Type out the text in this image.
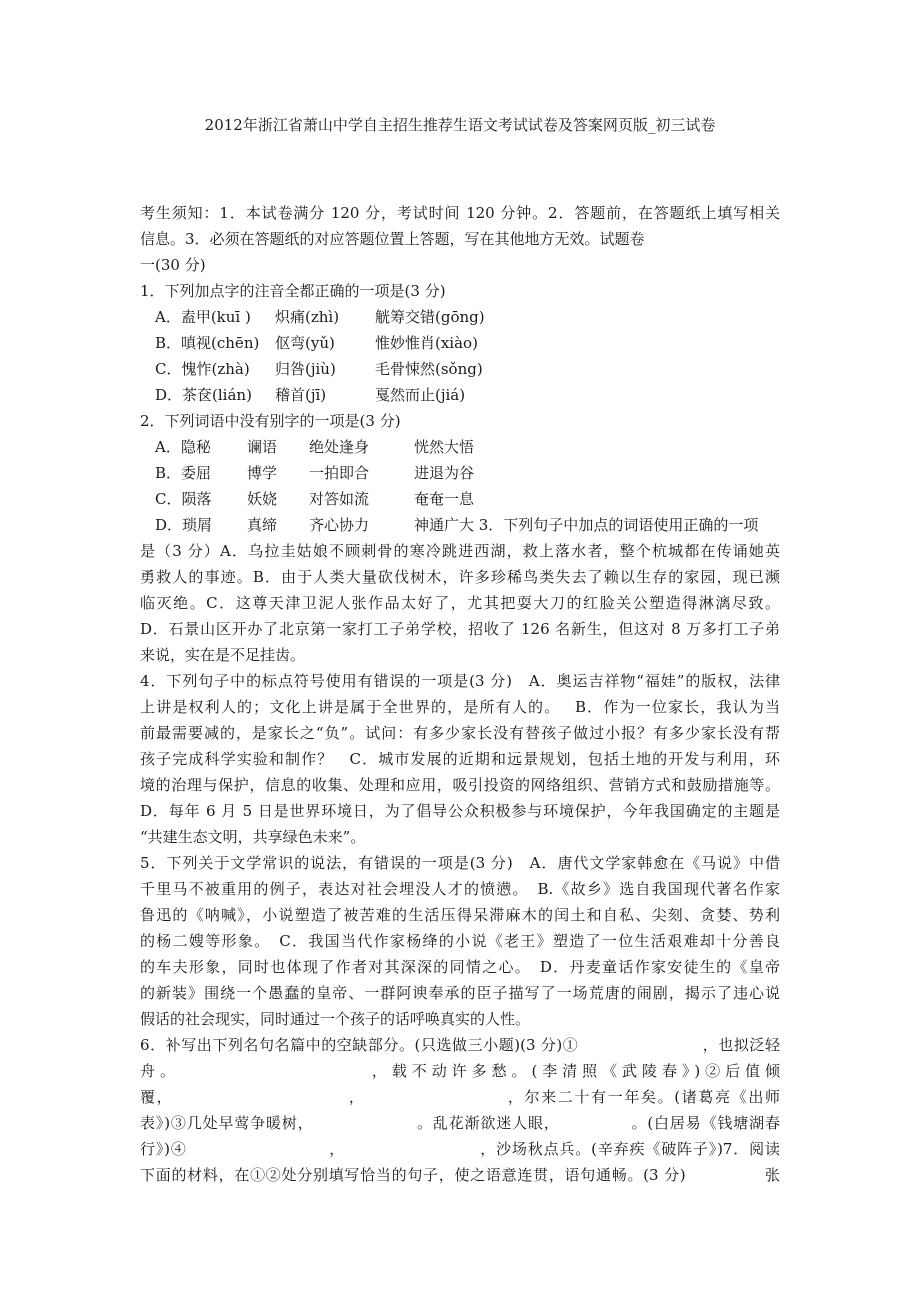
2012年浙江省萧山中学自主招生推荐生语文考试试卷及答案网页版_初三试卷
考生须知：1．本试卷满分 120 分，考试时间 120 分钟。2．答题前，在答题纸上填写相关
信息。3．必须在答题纸的对应答题位置上答题，写在其他地方无效。试题卷
一(30 分)
1．下列加点字的注音全都正确的一项是(3 分)
A．盍甲(kuī ) 炽痛(zhì) 觥筹交错(gōng)
B．嗔视(chēn) 伛弯(yǔ)	惟妙惟肖(xiào)
C．愧怍(zhà) 归咎(jiù)	毛骨悚然(sǒng)
D．茶奁(lián) 稽首(jī)	戛然而止(jiá)
2．下列词语中没有别字的一项是(3 分)
A．隐秘 谰语 绝处逢身	恍然大悟
B．委屈 博学 一拍即合	进退为谷
C．陨落 妖娆 对答如流	奄奄一息
D．琐屑 真缔 齐心协力	神通广大 3．下列句子中加点的词语使用正确的一项
是（3 分）A．乌拉圭姑娘不顾刺骨的寒冷跳进西湖，救上落水者，整个杭城都在传诵她英
勇救人的事迹。B．由于人类大量砍伐树木，许多珍稀鸟类失去了赖以生存的家园，现已濒
临灭绝。C．这尊天津卫泥人张作品太好了，尤其把耍大刀的红脸关公塑造得淋漓尽致。
D．石景山区开办了北京第一家打工子弟学校，招收了 126 名新生，但这对 8 万多打工子弟
来说，实在是不足挂齿。
4．下列句子中的标点符号使用有错误的一项是(3 分)　A．奥运吉祥物“福娃”的版权，法律
上讲是权利人的；文化上讲是属于全世界的，是所有人的。　 B．作为一位家长，我认为当
前最需要减的，是家长之“负”。试问：有多少家长没有替孩子做过小报？有多少家长没有帮
孩子完成科学实验和制作？　C．城市发展的近期和远景规划，包括土地的开发与利用，环
境的治理与保护，信息的收集、处理和应用，吸引投资的网络组织、营销方式和鼓励措施等。
D．每年 6 月 5 日是世界环境日，为了倡导公众积极参与环境保护，今年我国确定的主题是
“共建生态文明，共享绿色未来”。
5．下列关于文学常识的说法，有错误的一项是(3 分)　A．唐代文学家韩愈在《马说》中借
千里马不被重用的例子，表达对社会埋没人才的愤懑。　B.《故乡》选自我国现代著名作家
鲁迅的《呐喊》，小说塑造了被苦难的生活压得呆滞麻木的闰土和自私、尖刻、贪婪、势利
的杨二嫂等形象。　C．我国当代作家杨绛的小说《老王》塑造了一位生活艰难却十分善良
的车夫形象，同时也体现了作者对其深深的同情之心。　D．丹麦童话作家安徒生的《皇帝
的新装》围绕一个愚蠢的皇帝、一群阿谀奉承的臣子描写了一场荒唐的闹剧，揭示了违心说
假话的社会现实，同时通过一个孩子的话呼唤真实的人性。
6．补写出下列名句名篇中的空缺部分。(只选做三小题)(3 分)①　　　　　　　　，也拟泛轻
舟。　　　　　　　　　　，载不动许多愁。(李清照《武陵春》)②后值倾
覆，　　　　　　　　　　　，　　　　　　　　　，尔来二十有一年矣。(诸葛亮《出师
表》)③几处早莺争暖树，　　　　　　　。乱花渐欲迷人眼，　　　　　。(白居易《钱塘湖春
行》)④　　　　　　　　　，　　　　　　　　　，沙场秋点兵。(辛弃疾《破阵子》)7．阅读
下面的材料，在①②处分别填写恰当的句子，使之语意连贯，语句通畅。(3 分)　　　　　张
